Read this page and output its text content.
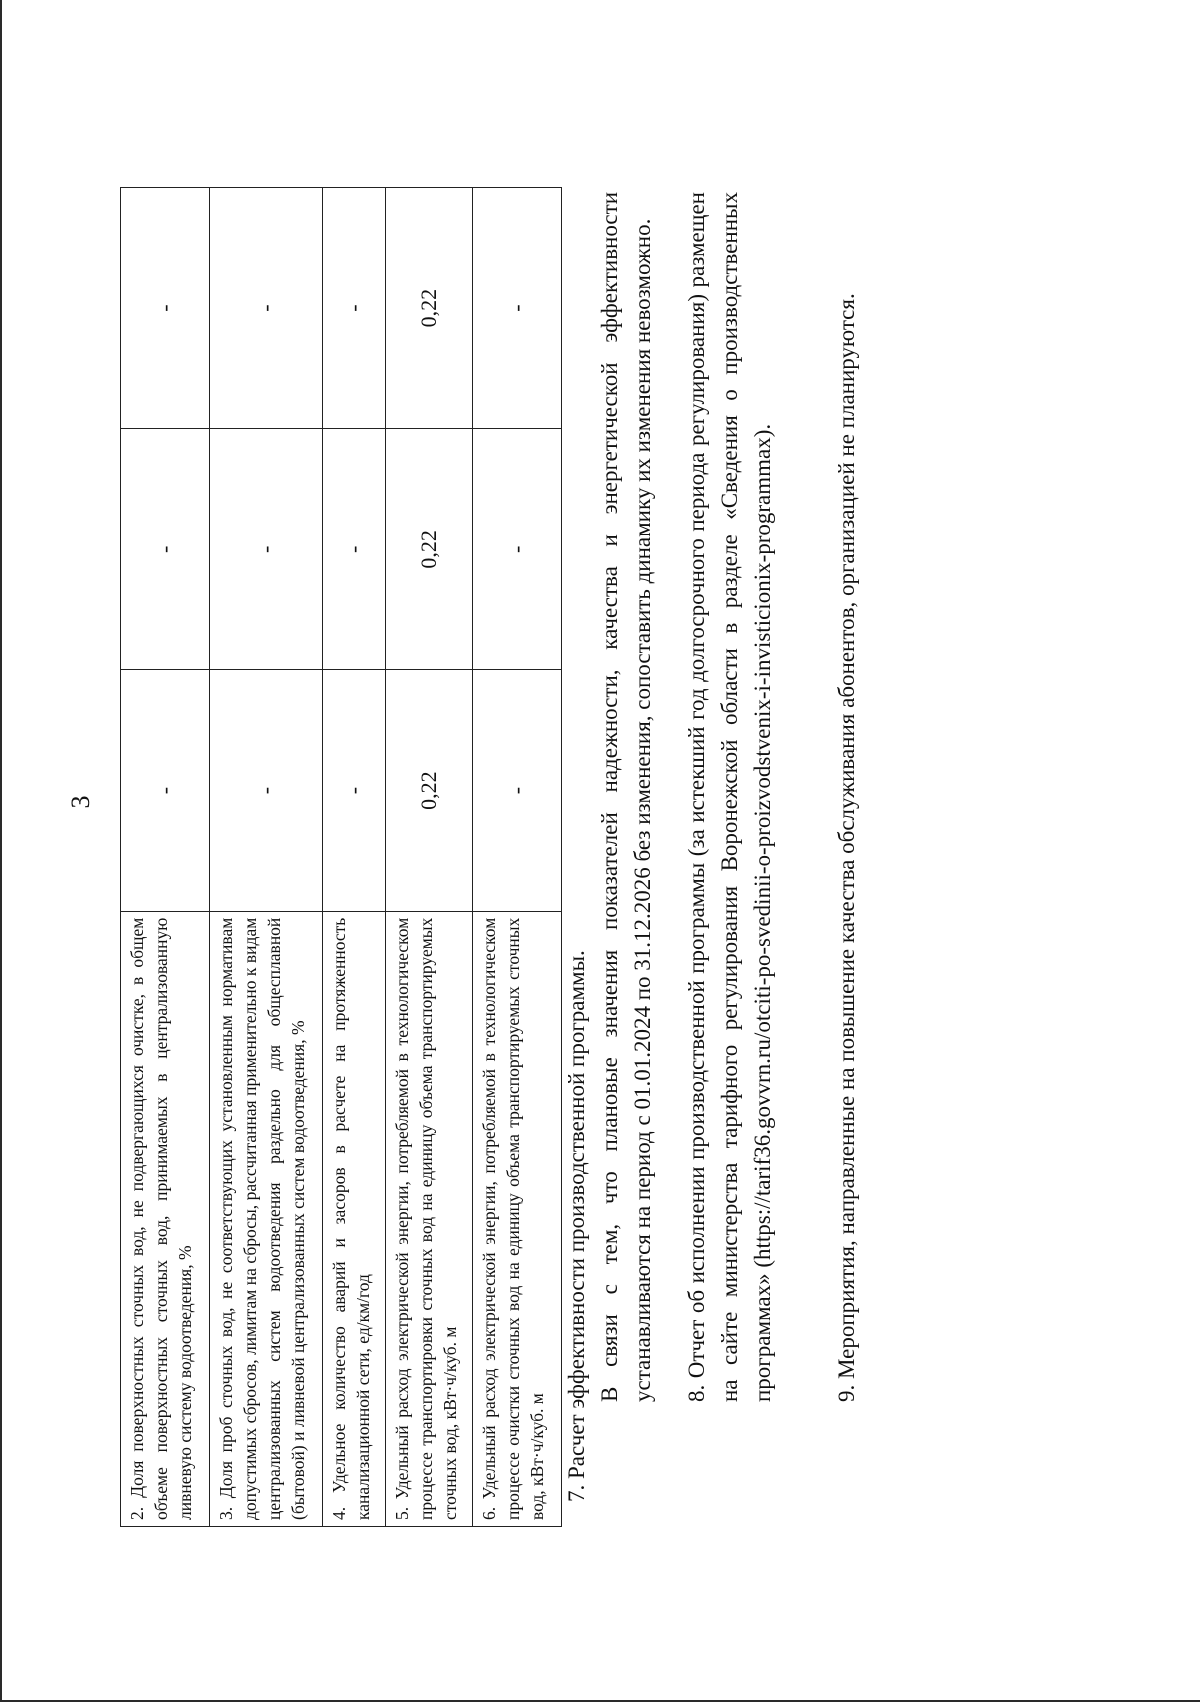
3
2. Доля поверхностных сточных вод, не подвергающихся очистке, в общем объеме поверхностных сточных вод, принимаемых в централизованную ливневую систему водоотведения, %	-	-	-
3. Доля проб сточных вод, не соответствующих установленным нормативам допустимых сбросов, лимитам на сбросы, рассчитанная применительно к видам централизованных систем водоотведения раздельно для общесплавной (бытовой) и ливневой централизованных систем водоотведения, %	-	-	-
4. Удельное количество аварий и засоров в расчете на протяженность канализационной сети, ед/км/год	-	-	-
5. Удельный расход электрической энергии, потребляемой в технологическом процессе транспортировки сточных вод на единицу объема транспортируемых сточных вод, кВт·ч/куб. м	0,22	0,22	0,22
6. Удельный расход электрической энергии, потребляемой в технологическом процессе очистки сточных вод на единицу объема транспортируемых сточных вод, кВт·ч/куб. м	-	-	-
7. Расчет эффективности производственной программы. В связи с тем, что плановые значения показателей надежности, качества и энергетической эффективности устанавливаются на период с 01.01.2024 по 31.12.2026 без изменения, сопоставить динамику их изменения невозможно. 8. Отчет об исполнении производственной программы (за истекший год долгосрочного периода регулирования) размещен на сайте министерства тарифного регулирования Воронежской области в разделе «Сведения о производственных программах» (https://tarif36.govvrn.ru/otciti-po-svedinii-o-proizvodstvenix-i-invisticionix-programmax).	9. Мероприятия, направленные на повышение качества обслуживания абонентов, организацией не планируются.
